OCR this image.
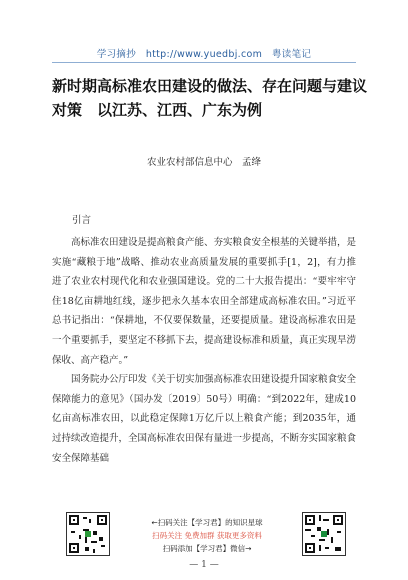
学习摘抄　http://www.yuedbj.com　粤读笔记
新时期高标准农田建设的做法、存在问题与建议对策　以江苏、江西、广东为例
农业农村部信息中心　孟绛
引言

高标准农田建设是提高粮食产能、夯实粮食安全根基的关键举措，是实施“藏粮于地”战略、推动农业高质量发展的重要抓手[1，2]，有力推进了农业农村现代化和农业强国建设。党的二十大报告提出：“要牢牢守住18亿亩耕地红线，逐步把永久基本农田全部建成高标准农田。”习近平总书记指出：“保耕地，不仅要保数量，还要提质量。建设高标准农田是一个重要抓手，要坚定不移抓下去，提高建设标准和质量，真正实现旱涝保收、高产稳产。”

国务院办公厅印发《关于切实加强高标准农田建设提升国家粮食安全保障能力的意见》（国办发〔2019〕50号）明确：“到2022年，建成10亿亩高标准农田，以此稳定保障1万亿斤以上粮食产能；到2035年，通过持续改造提升，全国高标准农田保有量进一步提高，不断夯实国家粮食安全保障基础

←扫码关注【学习君】的知识星球
扫码关注 免费加群 获取更多资料
扫码添加【学习君】微信→
— 1 —
